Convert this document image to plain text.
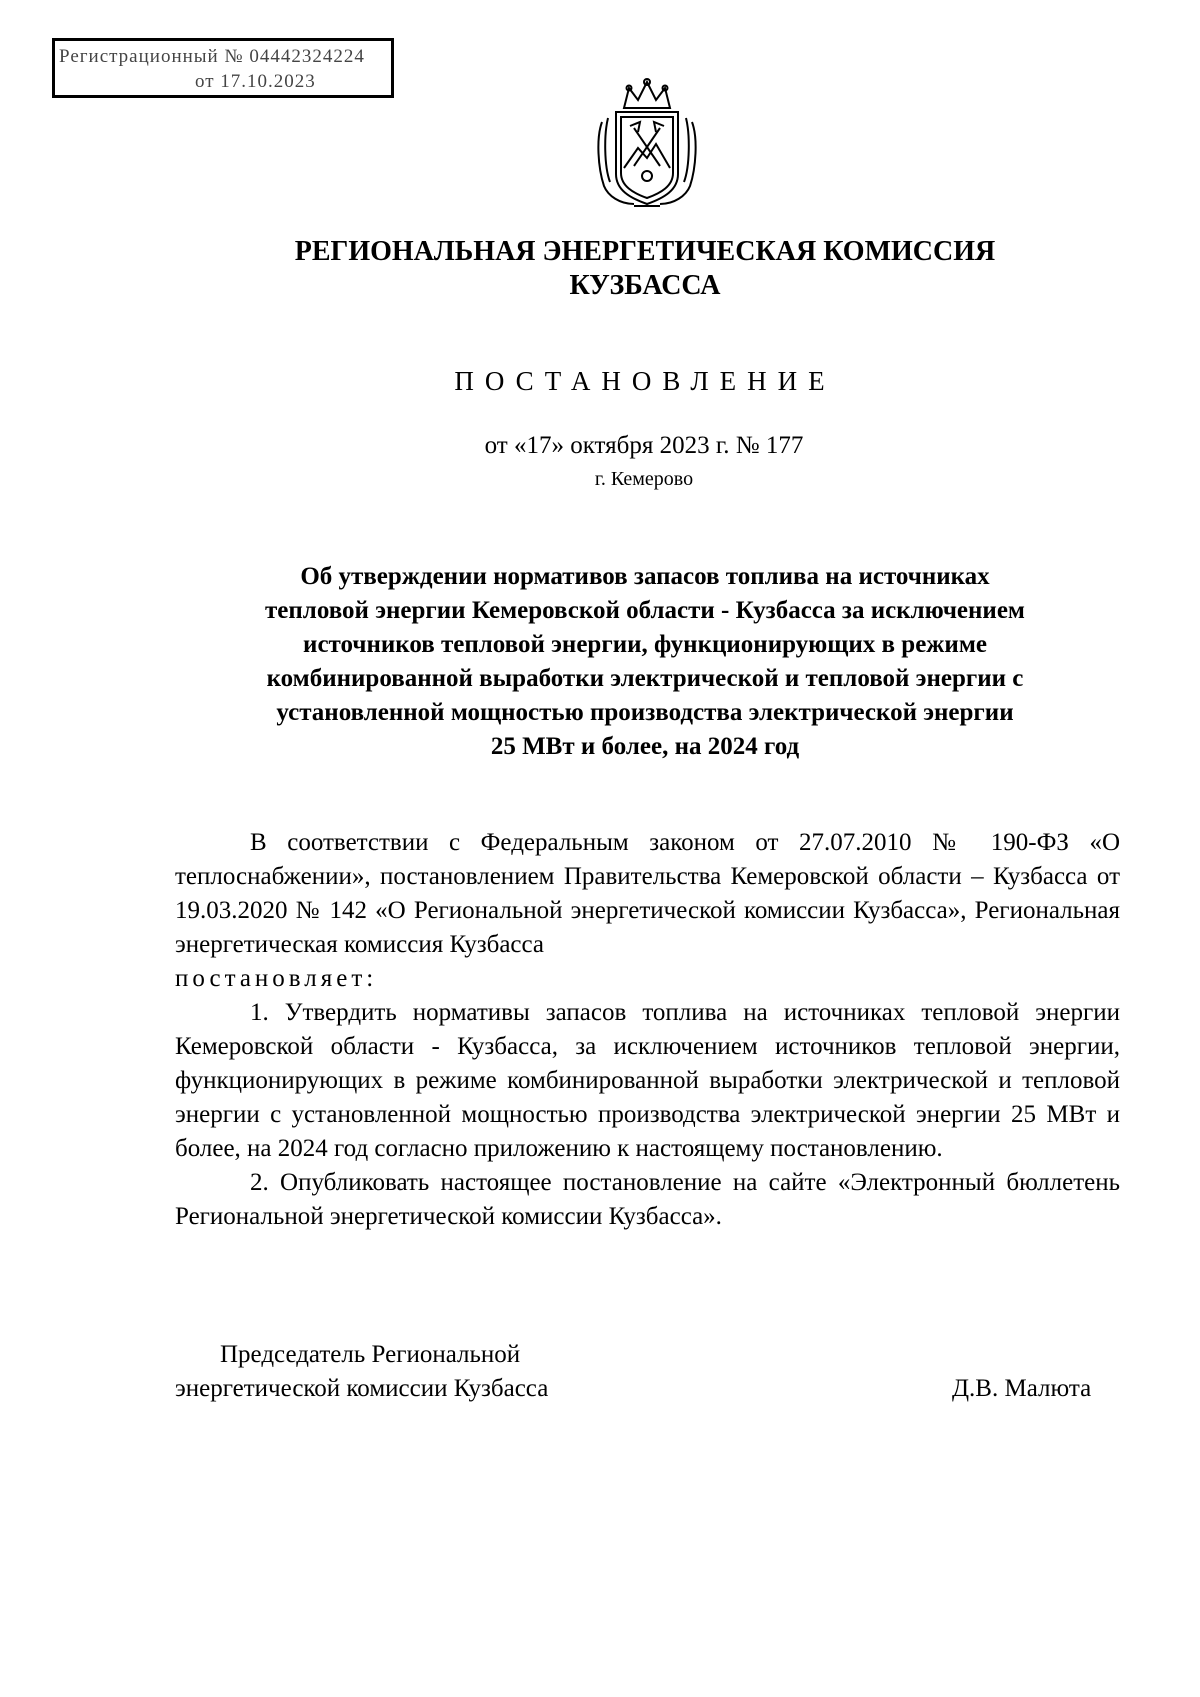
Регистрационный № 04442324224
от 17.10.2023
РЕГИОНАЛЬНАЯ ЭНЕРГЕТИЧЕСКАЯ КОМИССИЯ
КУЗБАССА
ПОСТАНОВЛЕНИЕ
от «17» октября 2023 г. № 177
г. Кемерово
Об утверждении нормативов запасов топлива на источниках
тепловой энергии Кемеровской области - Кузбасса за исключением
источников тепловой энергии, функционирующих в режиме
комбинированной выработки электрической и тепловой энергии с
установленной мощностью производства электрической энергии
25 МВт и более, на 2024 год

В соответствии с Федеральным законом от 27.07.2010 № 190-ФЗ «О теплоснабжении», постановлением Правительства Кемеровской области – Кузбасса от 19.03.2020 № 142 «О Региональной энергетической комиссии Кузбасса», Региональная энергетическая комиссия Кузбасса

постановляет:

1. Утвердить нормативы запасов топлива на источниках тепловой энергии Кемеровской области - Кузбасса, за исключением источников тепловой энергии, функционирующих в режиме комбинированной выработки электрической и тепловой энергии с установленной мощностью производства электрической энергии 25 МВт и более, на 2024 год согласно приложению к настоящему постановлению.

2. Опубликовать настоящее постановление на сайте «Электронный бюллетень Региональной энергетической комиссии Кузбасса».

Председатель Региональной
энергетической комиссии Кузбасса	Д.В. Малюта
